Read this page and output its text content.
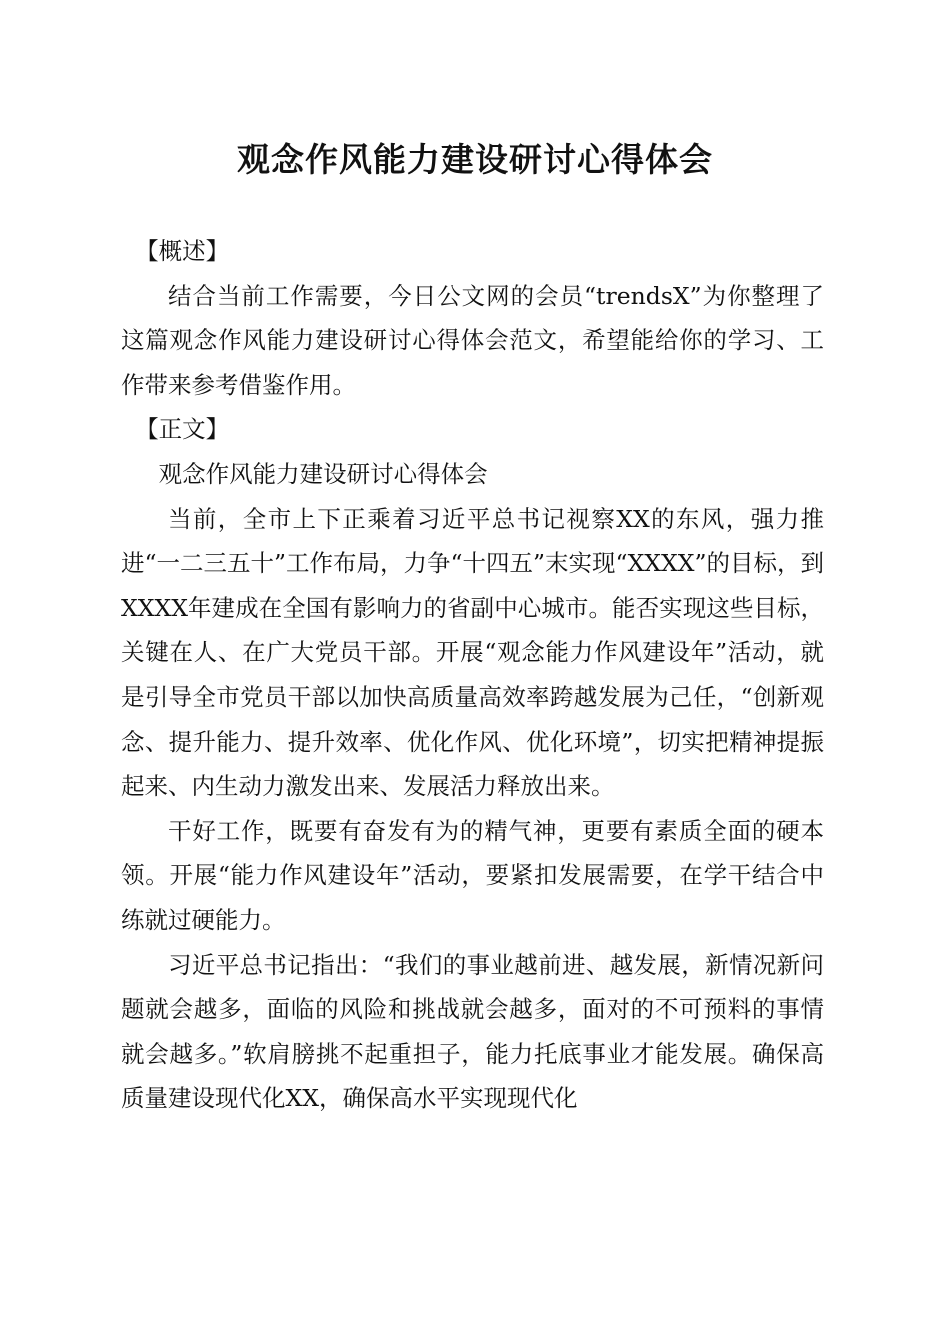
观念作风能力建设研讨心得体会

【概述】

结合当前工作需要，今日公文网的会员“trendsX”为你整理了这篇观念作风能力建设研讨心得体会范文，希望能给你的学习、工作带来参考借鉴作用。

【正文】

观念作风能力建设研讨心得体会

当前，全市上下正乘着习近平总书记视察XX的东风，强力推进“一二三五十”工作布局，力争“十四五”末实现“XXXX”的目标，到XXXX年建成在全国有影响力的省副中心城市。能否实现这些目标，关键在人、在广大党员干部。开展“观念能力作风建设年”活动，就是引导全市党员干部以加快高质量高效率跨越发展为己任，“创新观念、提升能力、提升效率、优化作风、优化环境”，切实把精神提振起来、内生动力激发出来、发展活力释放出来。

干好工作，既要有奋发有为的精气神，更要有素质全面的硬本领。开展“能力作风建设年”活动，要紧扣发展需要，在学干结合中练就过硬能力。

习近平总书记指出：“我们的事业越前进、越发展，新情况新问题就会越多，面临的风险和挑战就会越多，面对的不可预料的事情就会越多。”软肩膀挑不起重担子，能力托底事业才能发展。确保高质量建设现代化XX，确保高水平实现现代化
